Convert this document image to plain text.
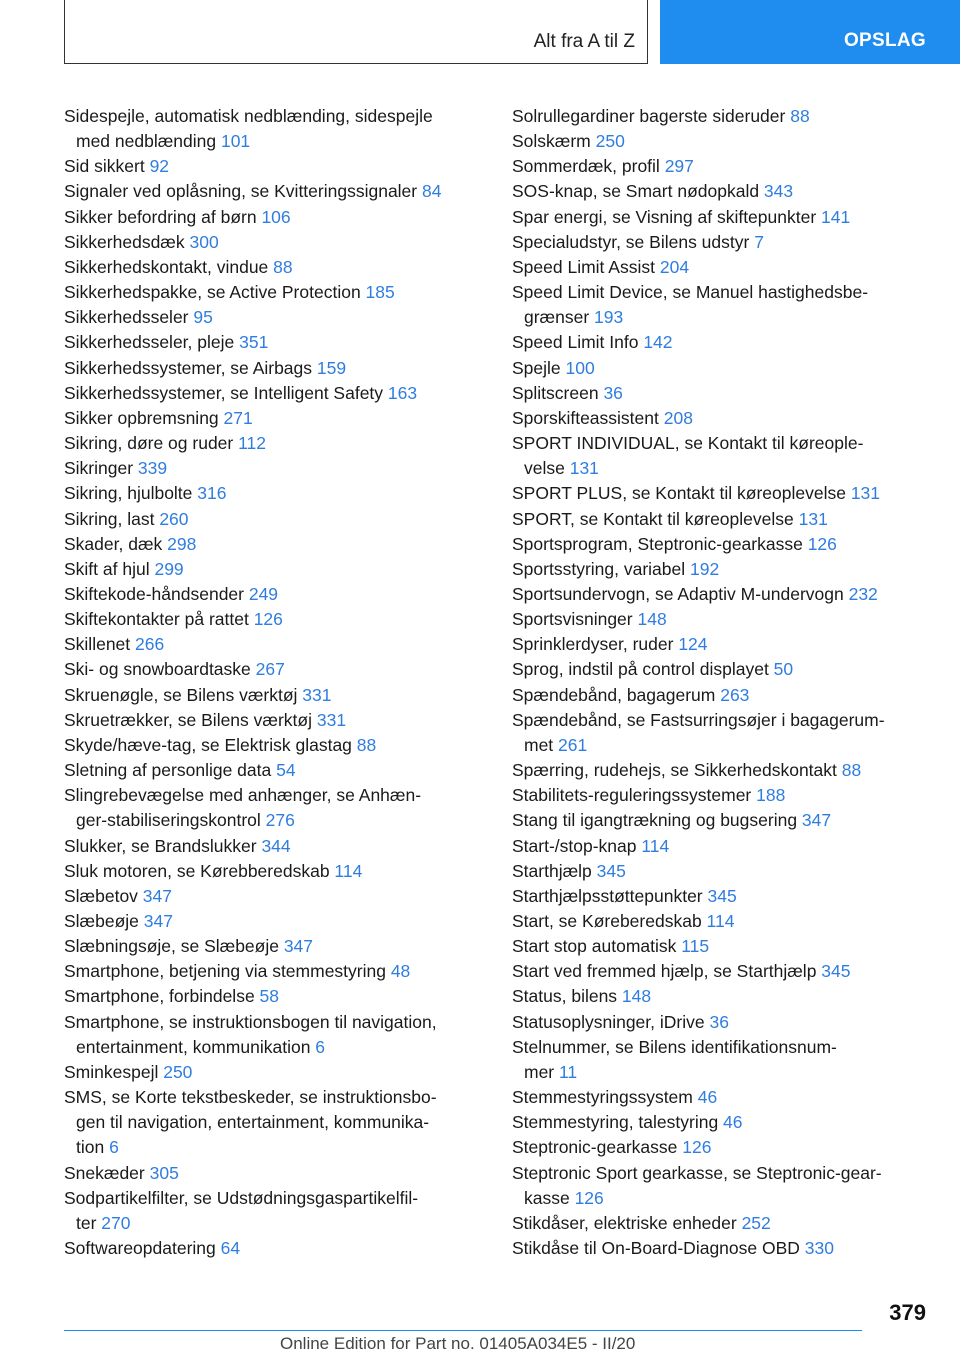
Alt fra A til Z	OPSLAG
Sidespejle, automatisk nedblænding, sidespejle
med nedblænding 101
Sid sikkert 92
Signaler ved oplåsning, se Kvitteringssignaler 84
Sikker befordring af børn 106
Sikkerhedsdæk 300
Sikkerhedskontakt, vindue 88
Sikkerhedspakke, se Active Protection 185
Sikkerhedsseler 95
Sikkerhedsseler, pleje 351
Sikkerhedssystemer, se Airbags 159
Sikkerhedssystemer, se Intelligent Safety 163
Sikker opbremsning 271
Sikring, døre og ruder 112
Sikringer 339
Sikring, hjulbolte 316
Sikring, last 260
Skader, dæk 298
Skift af hjul 299
Skiftekode-håndsender 249
Skiftekontakter på rattet 126
Skillenet 266
Ski- og snowboardtaske 267
Skruenøgle, se Bilens værktøj 331
Skruetrækker, se Bilens værktøj 331
Skyde/hæve-tag, se Elektrisk glastag 88
Sletning af personlige data 54
Slingrebevægelse med anhænger, se Anhæn-
ger-stabiliseringskontrol 276
Slukker, se Brandslukker 344
Sluk motoren, se Kørebberedskab 114
Slæbetov 347
Slæbeøje 347
Slæbningsøje, se Slæbeøje 347
Smartphone, betjening via stemmestyring 48
Smartphone, forbindelse 58
Smartphone, se instruktionsbogen til navigation,
entertainment, kommunikation 6
Sminkespejl 250
SMS, se Korte tekstbeskeder, se instruktionsbo-
gen til navigation, entertainment, kommunika-
tion 6
Snekæder 305
Sodpartikelfilter, se Udstødningsgaspartikelfil-
ter 270
Softwareopdatering 64
Solrullegardiner bagerste sideruder 88
Solskærm 250
Sommerdæk, profil 297
SOS-knap, se Smart nødopkald 343
Spar energi, se Visning af skiftepunkter 141
Specialudstyr, se Bilens udstyr 7
Speed Limit Assist 204
Speed Limit Device, se Manuel hastighedsbe-
grænser 193
Speed Limit Info 142
Spejle 100
Splitscreen 36
Sporskifteassistent 208
SPORT INDIVIDUAL, se Kontakt til køreople-
velse 131
SPORT PLUS, se Kontakt til køreoplevelse 131
SPORT, se Kontakt til køreoplevelse 131
Sportsprogram, Steptronic-gearkasse 126
Sportsstyring, variabel 192
Sportsundervogn, se Adaptiv M-undervogn 232
Sportsvisninger 148
Sprinklerdyser, ruder 124
Sprog, indstil på control displayet 50
Spændebånd, bagagerum 263
Spændebånd, se Fastsurringsøjer i bagagerum-
met 261
Spærring, rudehejs, se Sikkerhedskontakt 88
Stabilitets-reguleringssystemer 188
Stang til igangtrækning og bugsering 347
Start-/stop-knap 114
Starthjælp 345
Starthjælpsstøttepunkter 345
Start, se Køreberedskab 114
Start stop automatisk 115
Start ved fremmed hjælp, se Starthjælp 345
Status, bilens 148
Statusoplysninger, iDrive 36
Stelnummer, se Bilens identifikationsnum-
mer 11
Stemmestyringssystem 46
Stemmestyring, talestyring 46
Steptronic-gearkasse 126
Steptronic Sport gearkasse, se Steptronic-gear-
kasse 126
Stikdåser, elektriske enheder 252
Stikdåse til On-Board-Diagnose OBD 330
379
Online Edition for Part no. 01405A034E5 - II/20
